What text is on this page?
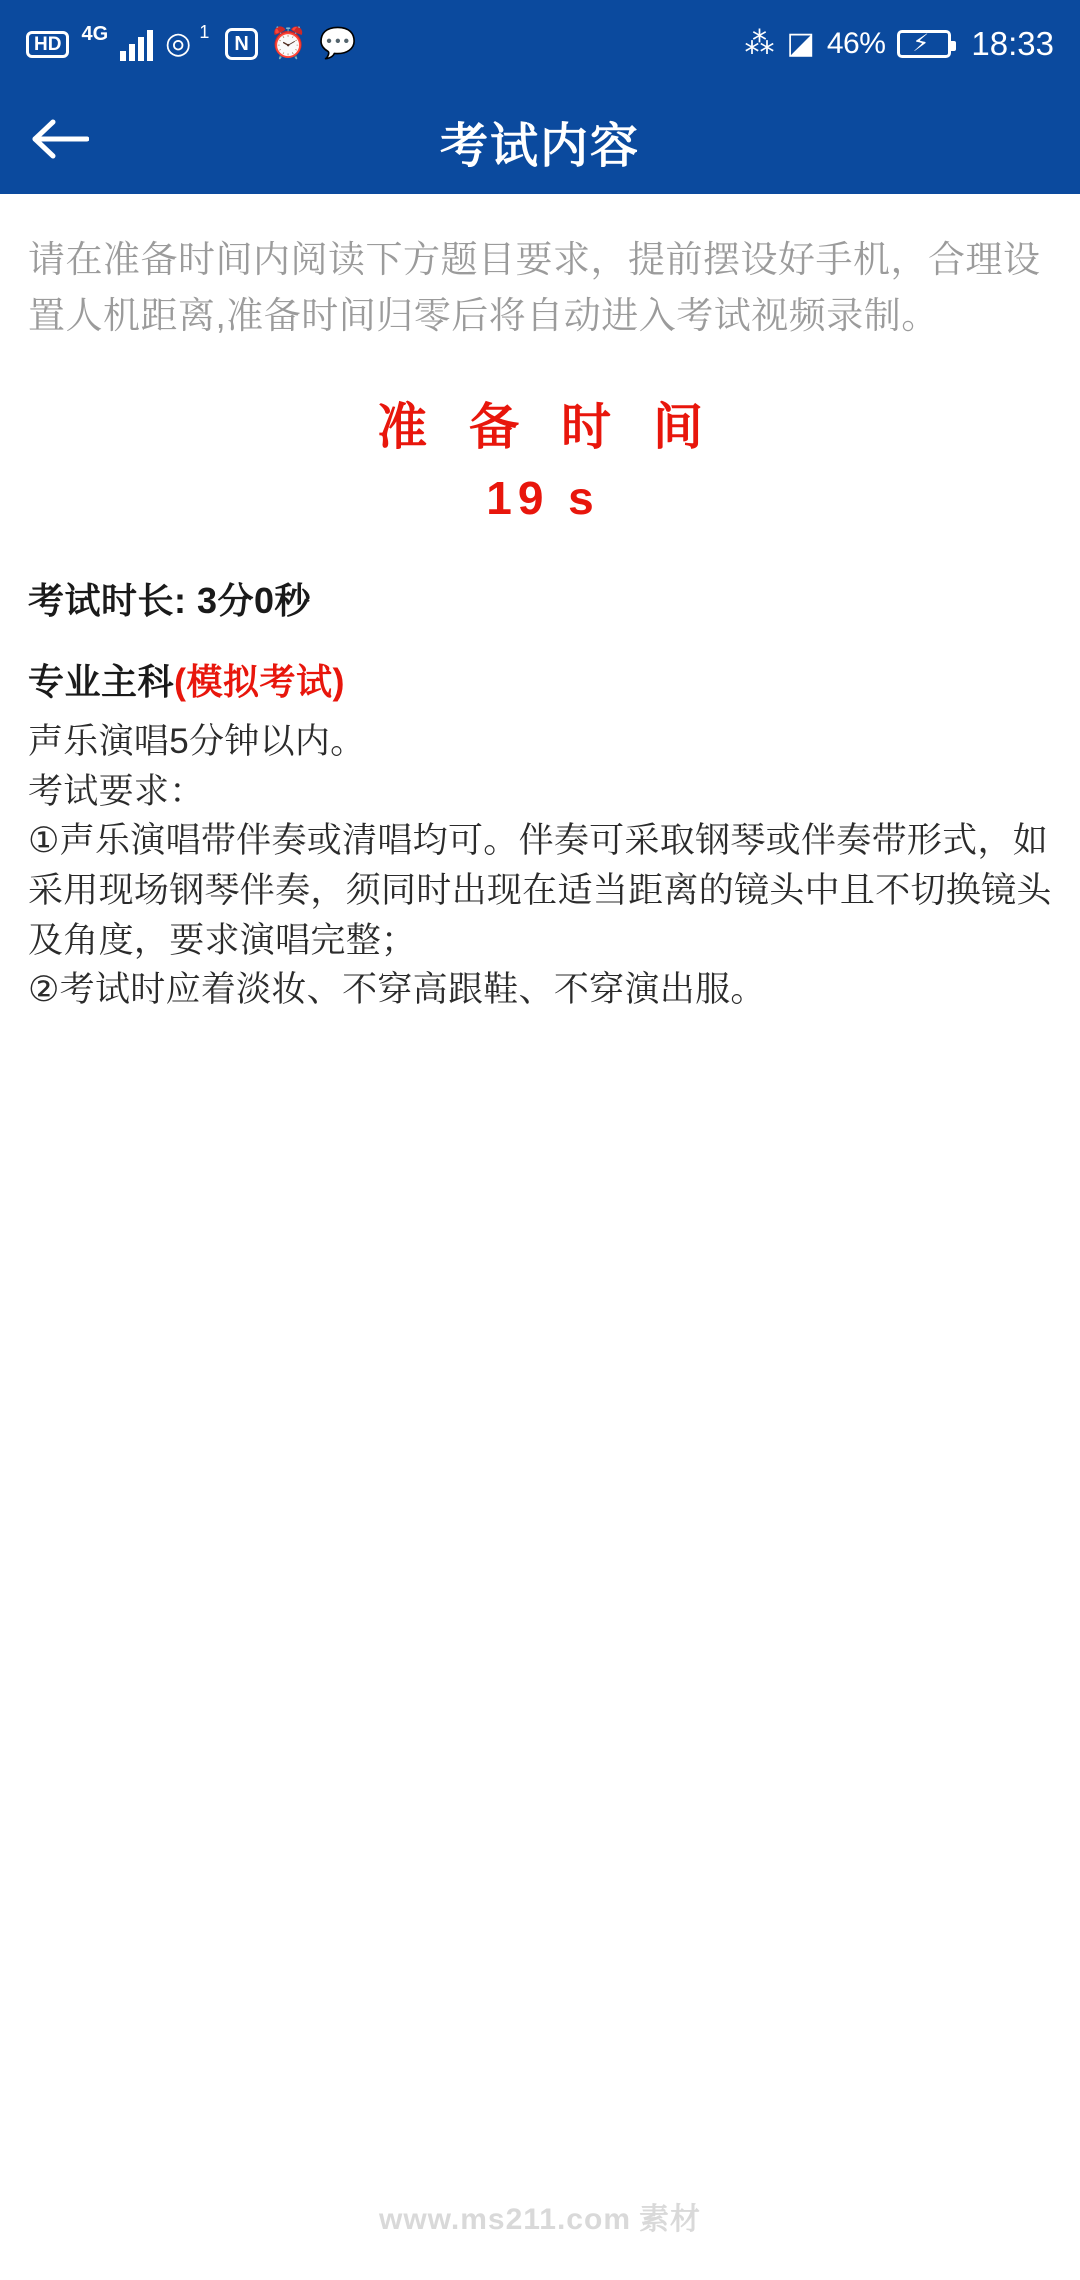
HD	4G ◎ 1
N ⏰ 💬	⁂ ◪ 46% ⚡ 18:33
考试内容
请在准备时间内阅读下方题目要求，提前摆设好手机，合理设置人机距离,准备时间归零后将自动进入考试视频录制。
准 备 时 间
19 s
考试时长: 3分0秒
专业主科(模拟考试)

声乐演唱5分钟以内。

考试要求：

①声乐演唱带伴奏或清唱均可。伴奏可采取钢琴或伴奏带形式，如采用现场钢琴伴奏，须同时出现在适当距离的镜头中且不切换镜头及角度，要求演唱完整；

②考试时应着淡妆、不穿高跟鞋、不穿演出服。

www.ms211.com 素材
